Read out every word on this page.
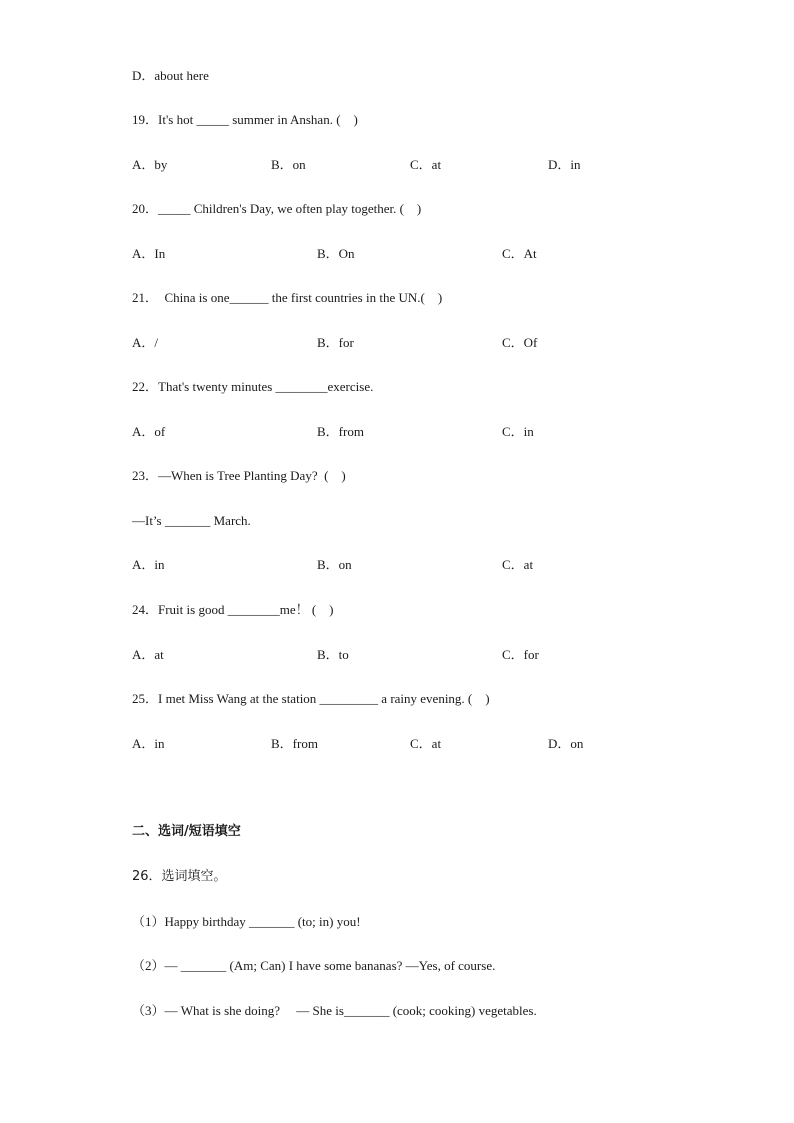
D．about here
19．It's hot _____ summer in Anshan. (    )
A．by	B．on	C．at	D．in
20．_____ Children's Day, we often play together. (    )
A．In	B．On	C．At
21．  China is one______ the first countries in the UN.(    )
A．/	B．for	C．Of
22．That's twenty minutes ________exercise.
A．of	B．from	C．in
23．—When is Tree Planting Day?  (    )
—It’s _______ March.
A．in	B．on	C．at
24．Fruit is good ________me！ (    )
A．at	B．to	C．for
25．I met Miss Wang at the station _________ a rainy evening. (    )
A．in	B．from	C．at	D．on
二、选词/短语填空
26．选词填空。
（1）Happy birthday _______ (to; in) you!
（2）— _______ (Am; Can) I have some bananas? —Yes, of course.
（3）— What is she doing?     — She is_______ (cook; cooking) vegetables.
